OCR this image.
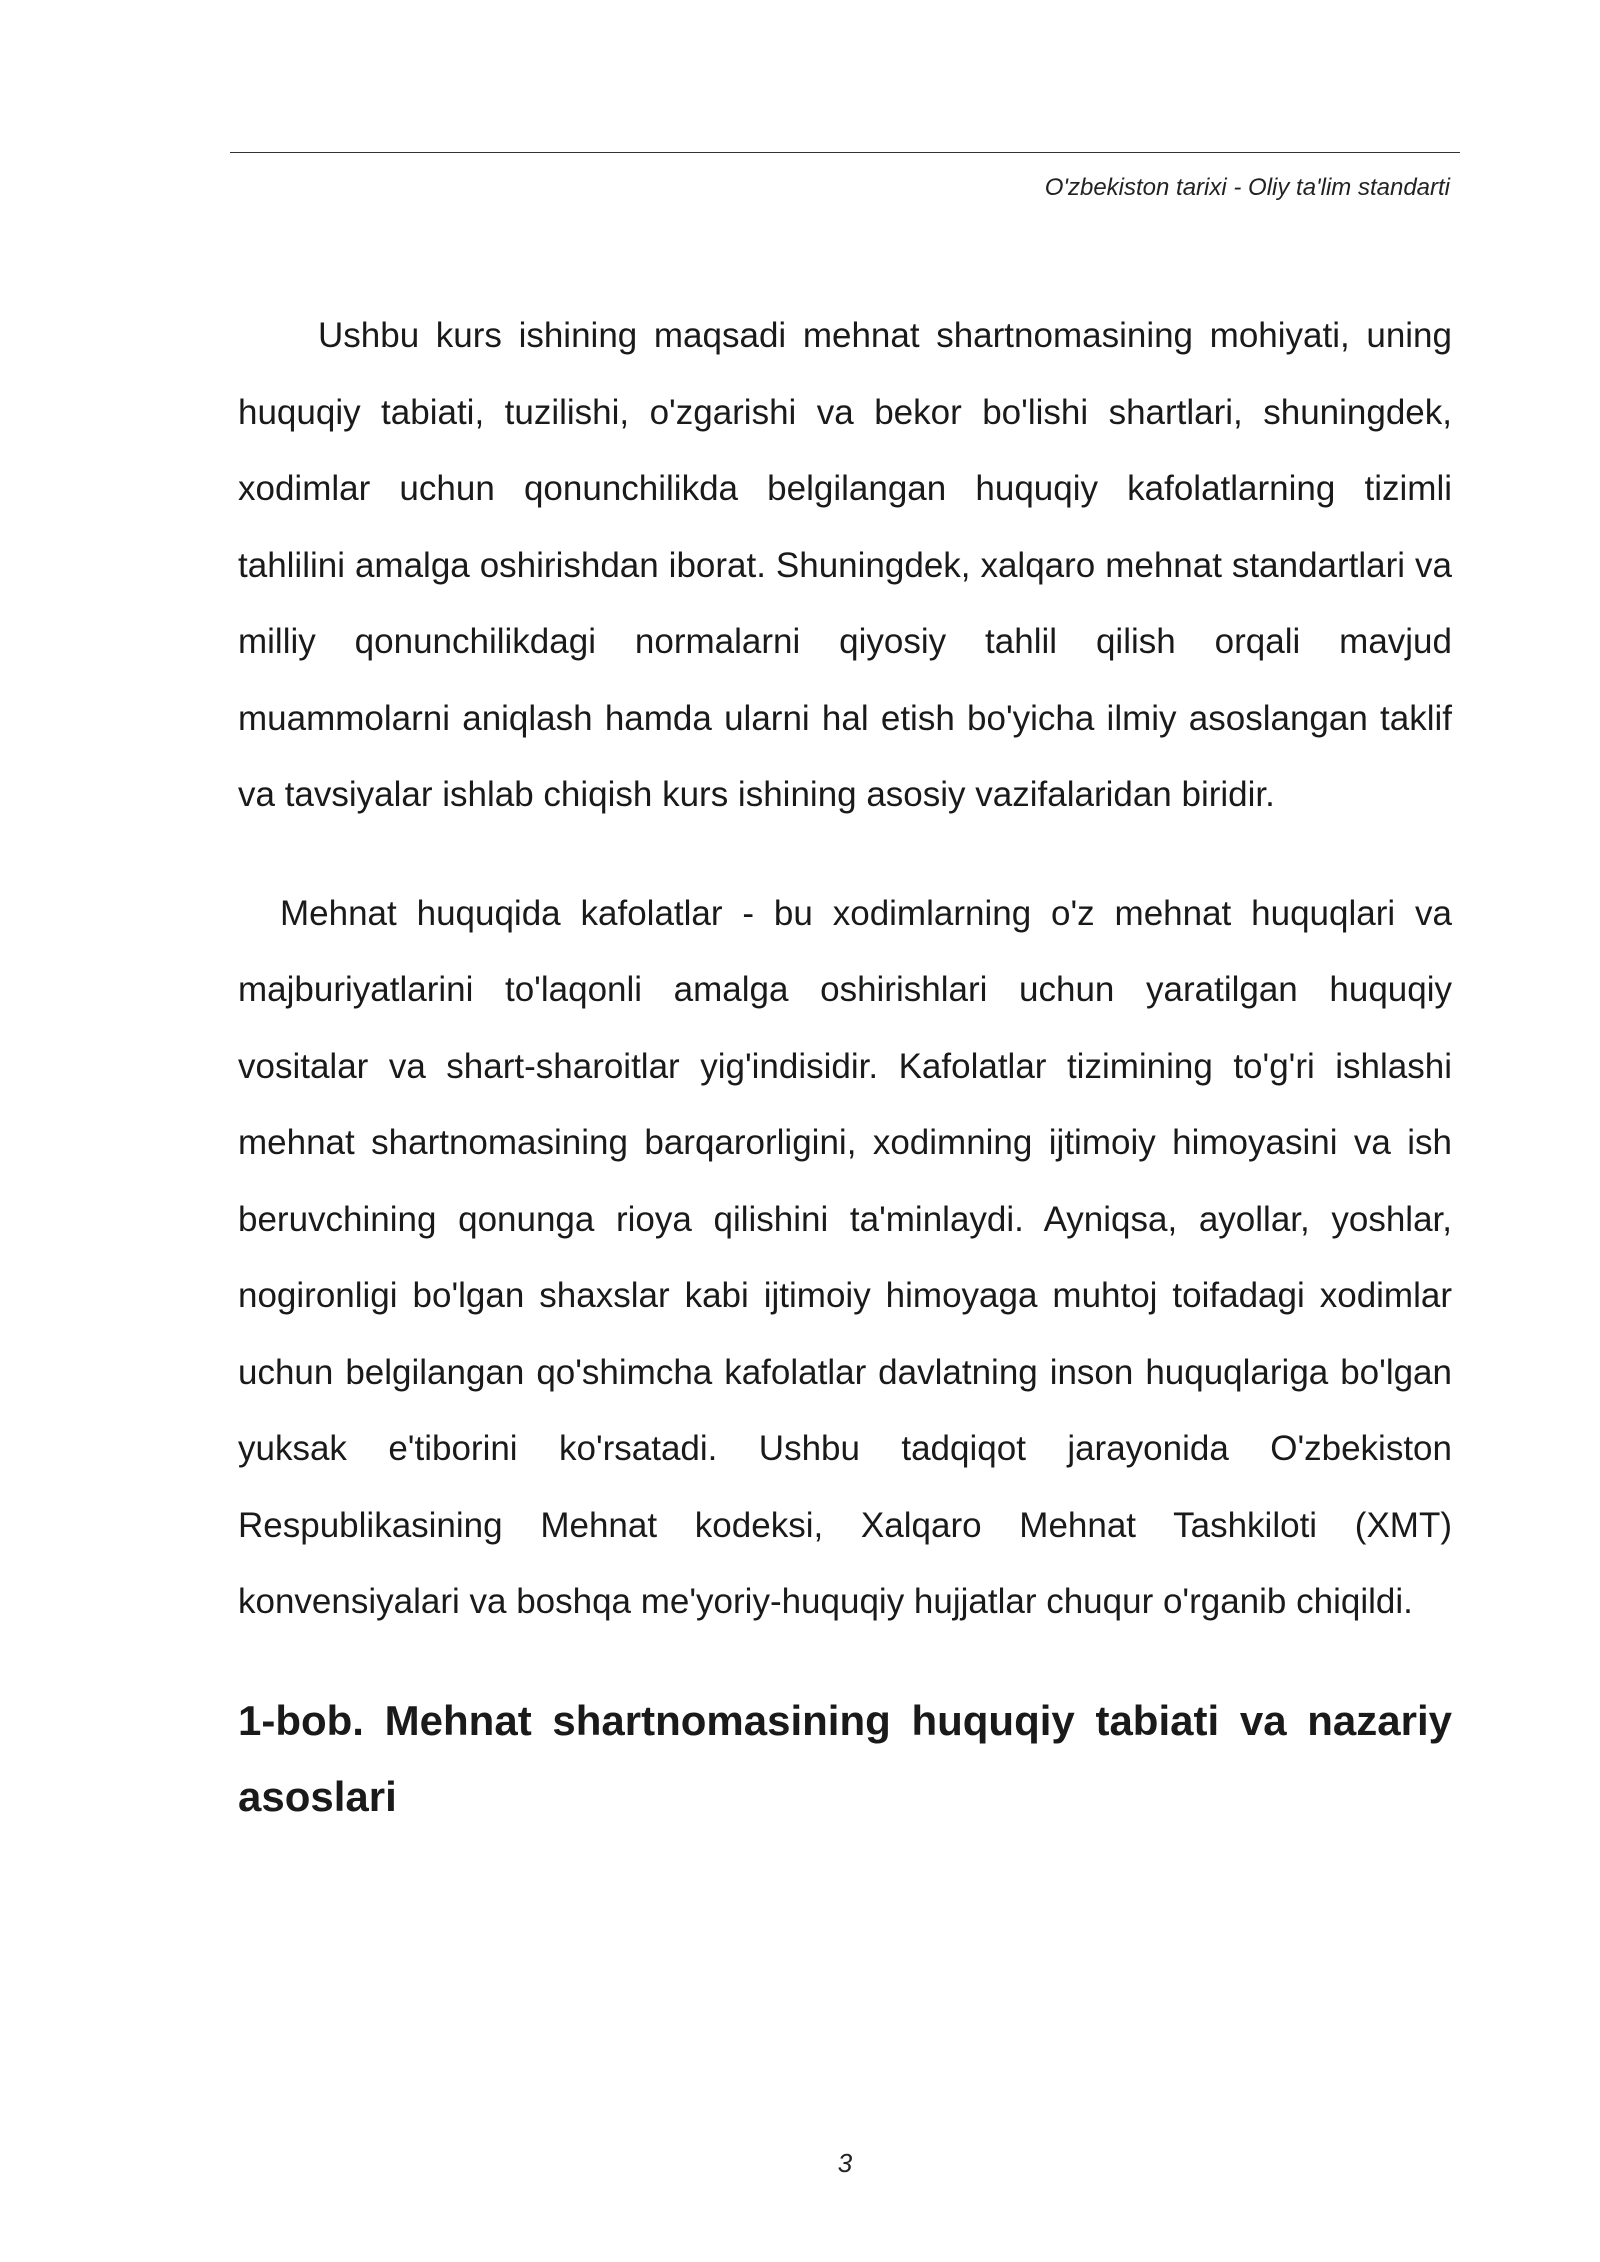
O'zbekiston tarixi - Oliy ta'lim standarti

Ushbu kurs ishining maqsadi mehnat shartnomasining mohiyati, uning huquqiy tabiati, tuzilishi, o'zgarishi va bekor bo'lishi shartlari, shuningdek, xodimlar uchun qonunchilikda belgilangan huquqiy kafolatlarning tizimli tahlilini amalga oshirishdan iborat. Shuningdek, xalqaro mehnat standartlari va milliy qonunchilikdagi normalarni qiyosiy tahlil qilish orqali mavjud muammolarni aniqlash hamda ularni hal etish bo'yicha ilmiy asoslangan taklif va tavsiyalar ishlab chiqish kurs ishining asosiy vazifalaridan biridir.

Mehnat huquqida kafolatlar - bu xodimlarning o'z mehnat huquqlari va majburiyatlarini to'laqonli amalga oshirishlari uchun yaratilgan huquqiy vositalar va shart-sharoitlar yig'indisidir. Kafolatlar tizimining to'g'ri ishlashi mehnat shartnomasining barqarorligini, xodimning ijtimoiy himoyasini va ish beruvchining qonunga rioya qilishini ta'minlaydi. Ayniqsa, ayollar, yoshlar, nogironligi bo'lgan shaxslar kabi ijtimoiy himoyaga muhtoj toifadagi xodimlar uchun belgilangan qo'shimcha kafolatlar davlatning inson huquqlariga bo'lgan yuksak e'tiborini ko'rsatadi. Ushbu tadqiqot jarayonida O'zbekiston Respublikasining Mehnat kodeksi, Xalqaro Mehnat Tashkiloti (XMT) konvensiyalari va boshqa me'yoriy-huquqiy hujjatlar chuqur o'rganib chiqildi.

1-bob. Mehnat shartnomasining huquqiy tabiati va nazariy asoslari
3
